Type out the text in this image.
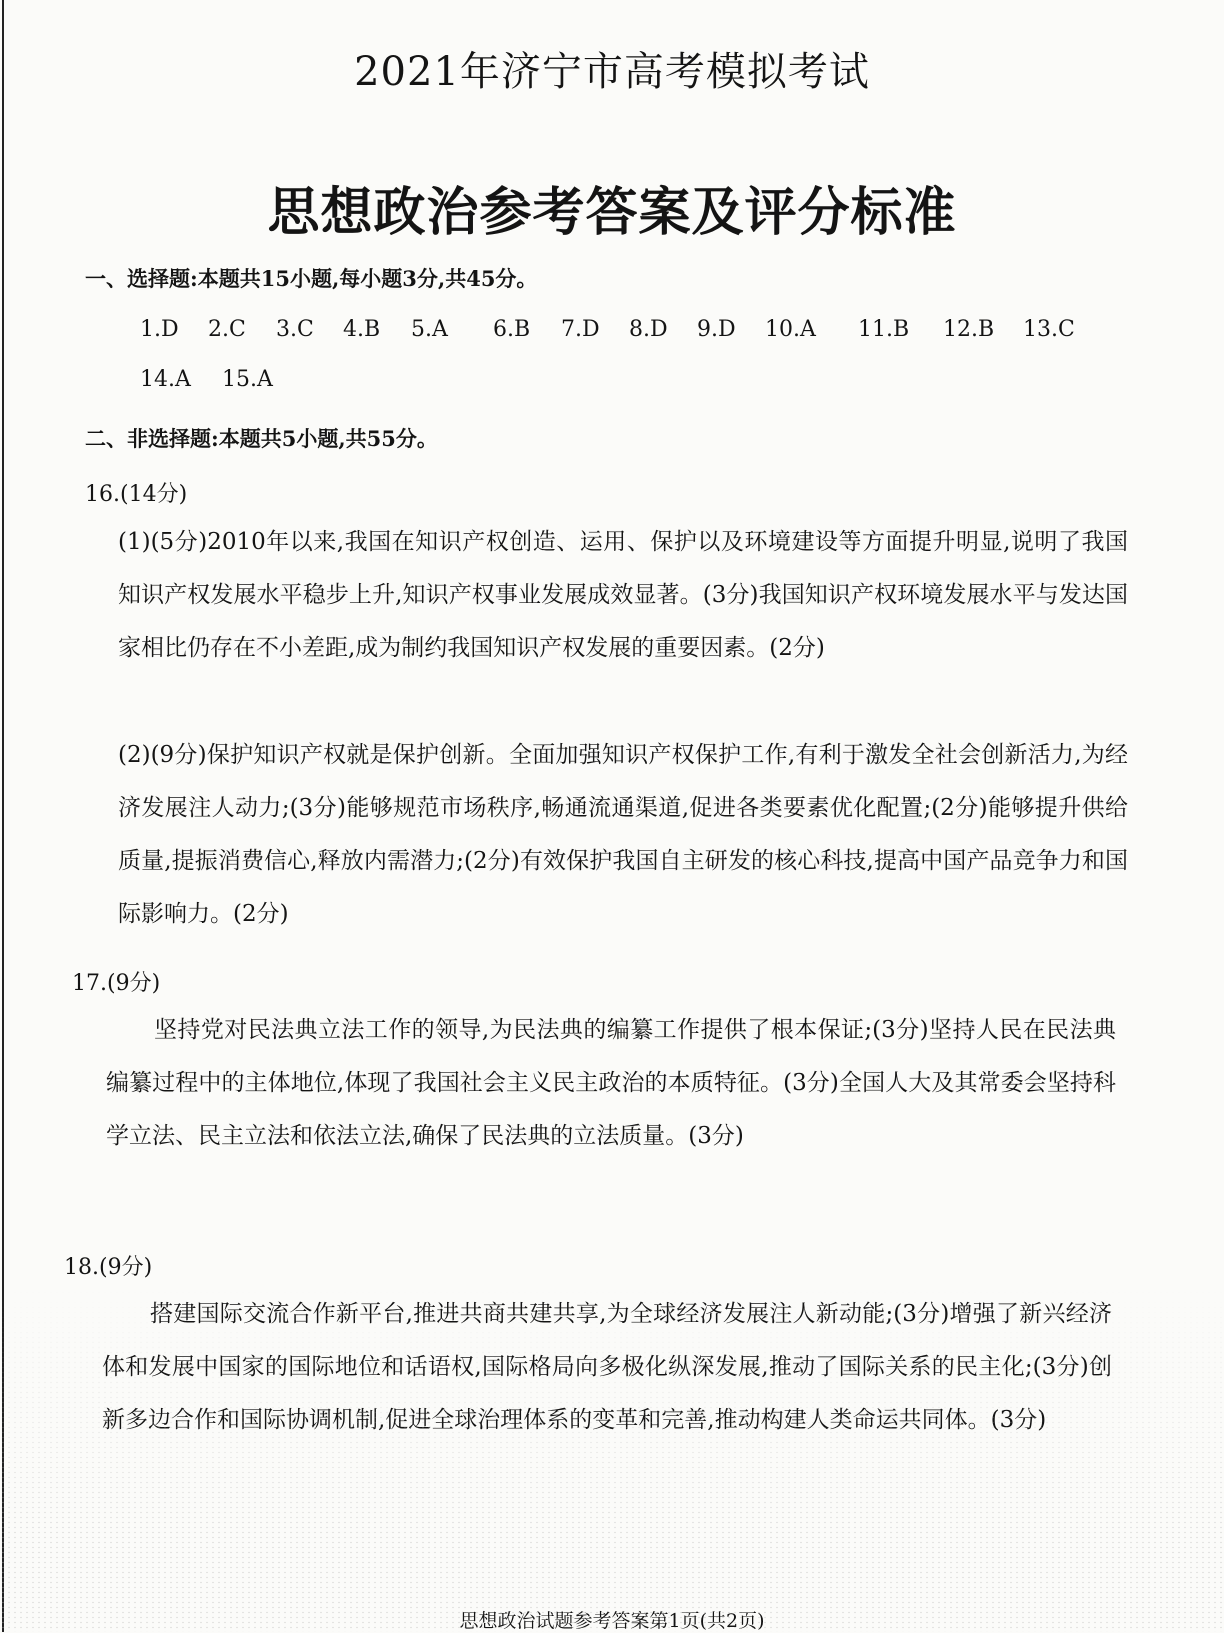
2021年济宁市高考模拟考试
思想政治参考答案及评分标准
一、选择题:本题共15小题,每小题3分,共45分。
1.D 2.C 3.C 4.B 5.A 6.B 7.D 8.D 9.D 10.A 11.B 12.B 13.C
14.A 15.A
二、非选择题:本题共5小题,共55分。
16.(14分)
(1)(5分)2010年以来,我国在知识产权创造、运用、保护以及环境建设等方面提升明显,说明了我国知识产权发展水平稳步上升,知识产权事业发展成效显著。(3分)我国知识产权环境发展水平与发达国家相比仍存在不小差距,成为制约我国知识产权发展的重要因素。(2分)
(2)(9分)保护知识产权就是保护创新。全面加强知识产权保护工作,有利于激发全社会创新活力,为经济发展注人动力;(3分)能够规范市场秩序,畅通流通渠道,促进各类要素优化配置;(2分)能够提升供给质量,提振消费信心,释放内需潜力;(2分)有效保护我国自主研发的核心科技,提高中国产品竞争力和国际影响力。(2分)
17.(9分)
坚持党对民法典立法工作的领导,为民法典的编纂工作提供了根本保证;(3分)坚持人民在民法典编纂过程中的主体地位,体现了我国社会主义民主政治的本质特征。(3分)全国人大及其常委会坚持科学立法、民主立法和依法立法,确保了民法典的立法质量。(3分)
18.(9分)
搭建国际交流合作新平台,推进共商共建共享,为全球经济发展注人新动能;(3分)增强了新兴经济体和发展中国家的国际地位和话语权,国际格局向多极化纵深发展,推动了国际关系的民主化;(3分)创新多边合作和国际协调机制,促进全球治理体系的变革和完善,推动构建人类命运共同体。(3分)
思想政治试题参考答案第1页(共2页)
